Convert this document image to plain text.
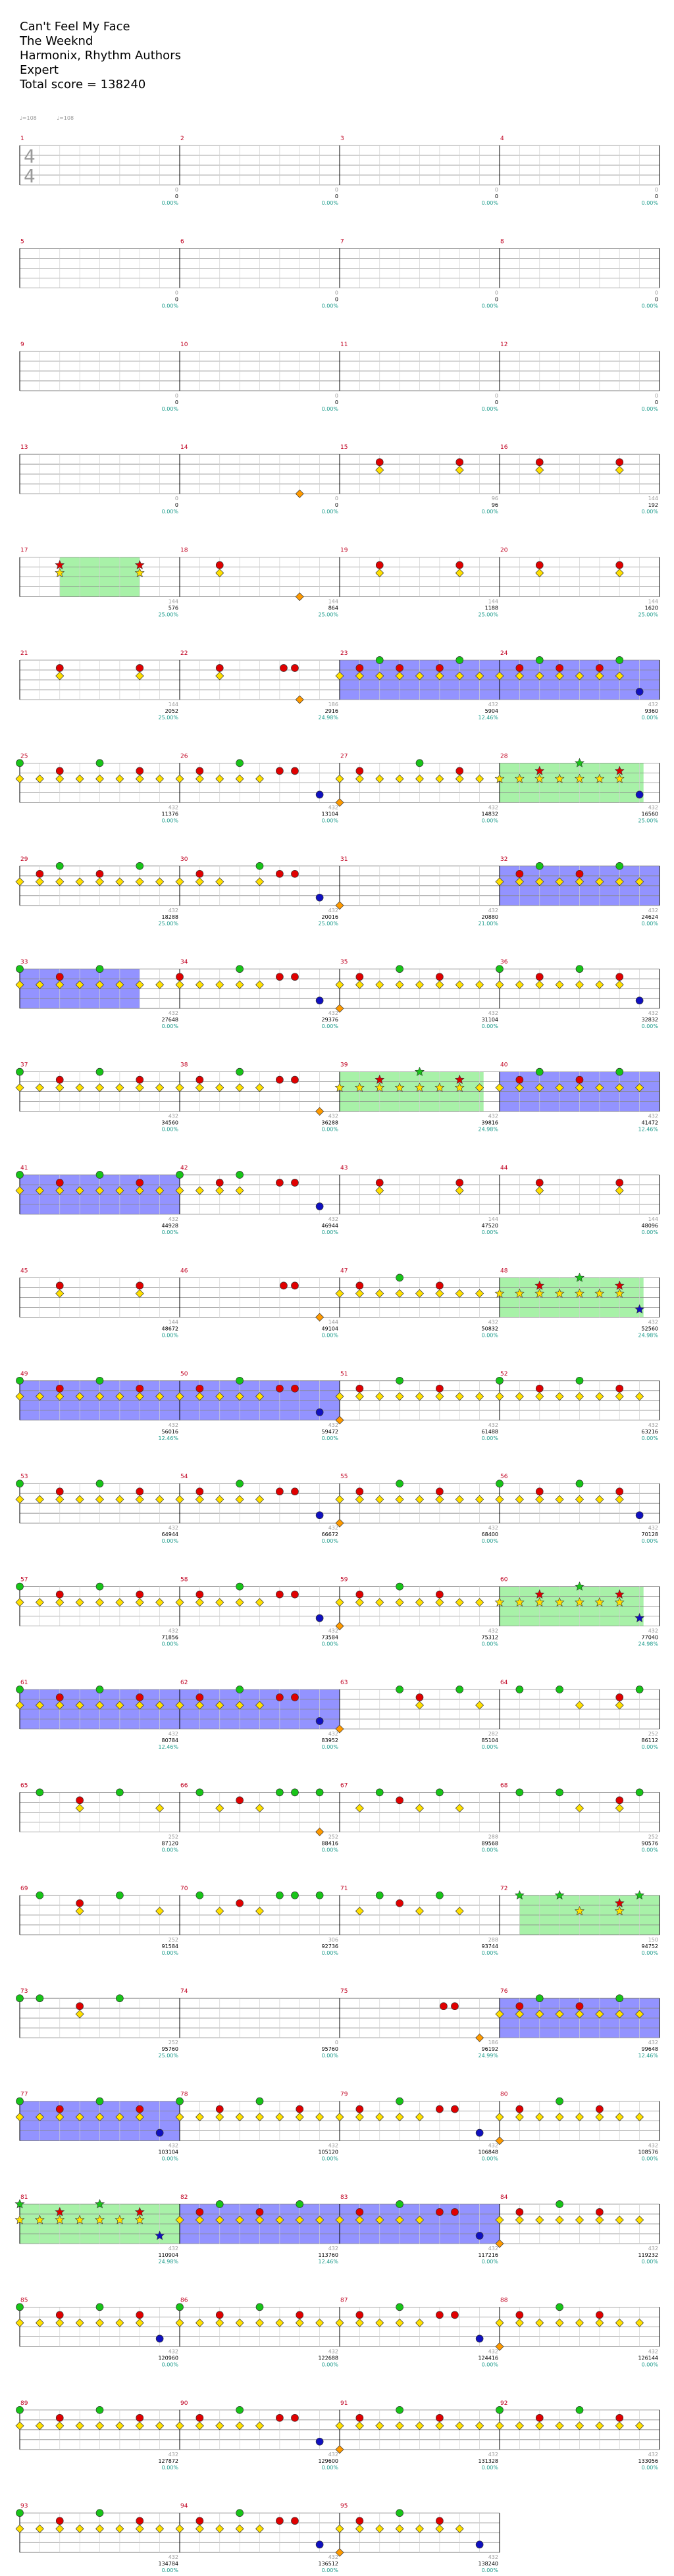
Can't Feel My Face
The Weeknd
Harmonix, Rhythm Authors
Expert
Total score = 138240
♩=108	♩=108
1
4
4
0
0
0.00%
2
0
0
0.00%
3
0
0
0.00%
4
0
0
0.00%
5
0
0
0.00%
6
0
0
0.00%
7
0
0
0.00%
8
0
0
0.00%
9
0
0
0.00%
10
0
0
0.00%
11
0
0
0.00%
12
0
0
0.00%
13
0
0
0.00%
14
0
0
0.00%
15
96
96
0.00%
16
144
192
0.00%
17
144
576
25.00%
18
144
864
25.00%
19
144
1188
25.00%
20
144
1620
25.00%
21
144
2052
25.00%
22
186
2916
24.98%
23
432
5904
12.46%
24
432
9360
0.00%
25
432
11376
0.00%
26
432
13104
0.00%
27
432
14832
0.00%
28
432
16560
25.00%
29
432
18288
25.00%
30
432
20016
25.00%
31
432
20880
21.00%
32
432
24624
0.00%
33
432
27648
0.00%
34
432
29376
0.00%
35
432
31104
0.00%
36
432
32832
0.00%
37
432
34560
0.00%
38
432
36288
0.00%
39
432
39816
24.98%
40
432
41472
12.46%
41
432
44928
0.00%
42
432
46944
0.00%
43
144
47520
0.00%
44
144
48096
0.00%
45
144
48672
0.00%
46
144
49104
0.00%
47
432
50832
0.00%
48
432
52560
24.98%
49
432
56016
12.46%
50
432
59472
0.00%
51
432
61488
0.00%
52
432
63216
0.00%
53
432
64944
0.00%
54
432
66672
0.00%
55
432
68400
0.00%
56
432
70128
0.00%
57
432
71856
0.00%
58
432
73584
0.00%
59
432
75312
0.00%
60
432
77040
24.98%
61
432
80784
12.46%
62
432
83952
0.00%
63
282
85104
0.00%
64
252
86112
0.00%
65
252
87120
0.00%
66
252
88416
0.00%
67
288
89568
0.00%
68
252
90576
0.00%
69
252
91584
0.00%
70
306
92736
0.00%
71
288
93744
0.00%
72
150
94752
0.00%
73
252
95760
25.00%
74
0
95760
0.00%
75
186
96192
24.99%
76
432
99648
12.46%
77
432
103104
0.00%
78
432
105120
0.00%
79
432
106848
0.00%
80
432
108576
0.00%
81
432
110904
24.98%
82
432
113760
12.46%
83
432
117216
0.00%
84
432
119232
0.00%
85
432
120960
0.00%
86
432
122688
0.00%
87
432
124416
0.00%
88
432
126144
0.00%
89
432
127872
0.00%
90
432
129600
0.00%
91
432
131328
0.00%
92
432
133056
0.00%
93
432
134784
0.00%
94
432
136512
0.00%
95
432
138240
0.00%
